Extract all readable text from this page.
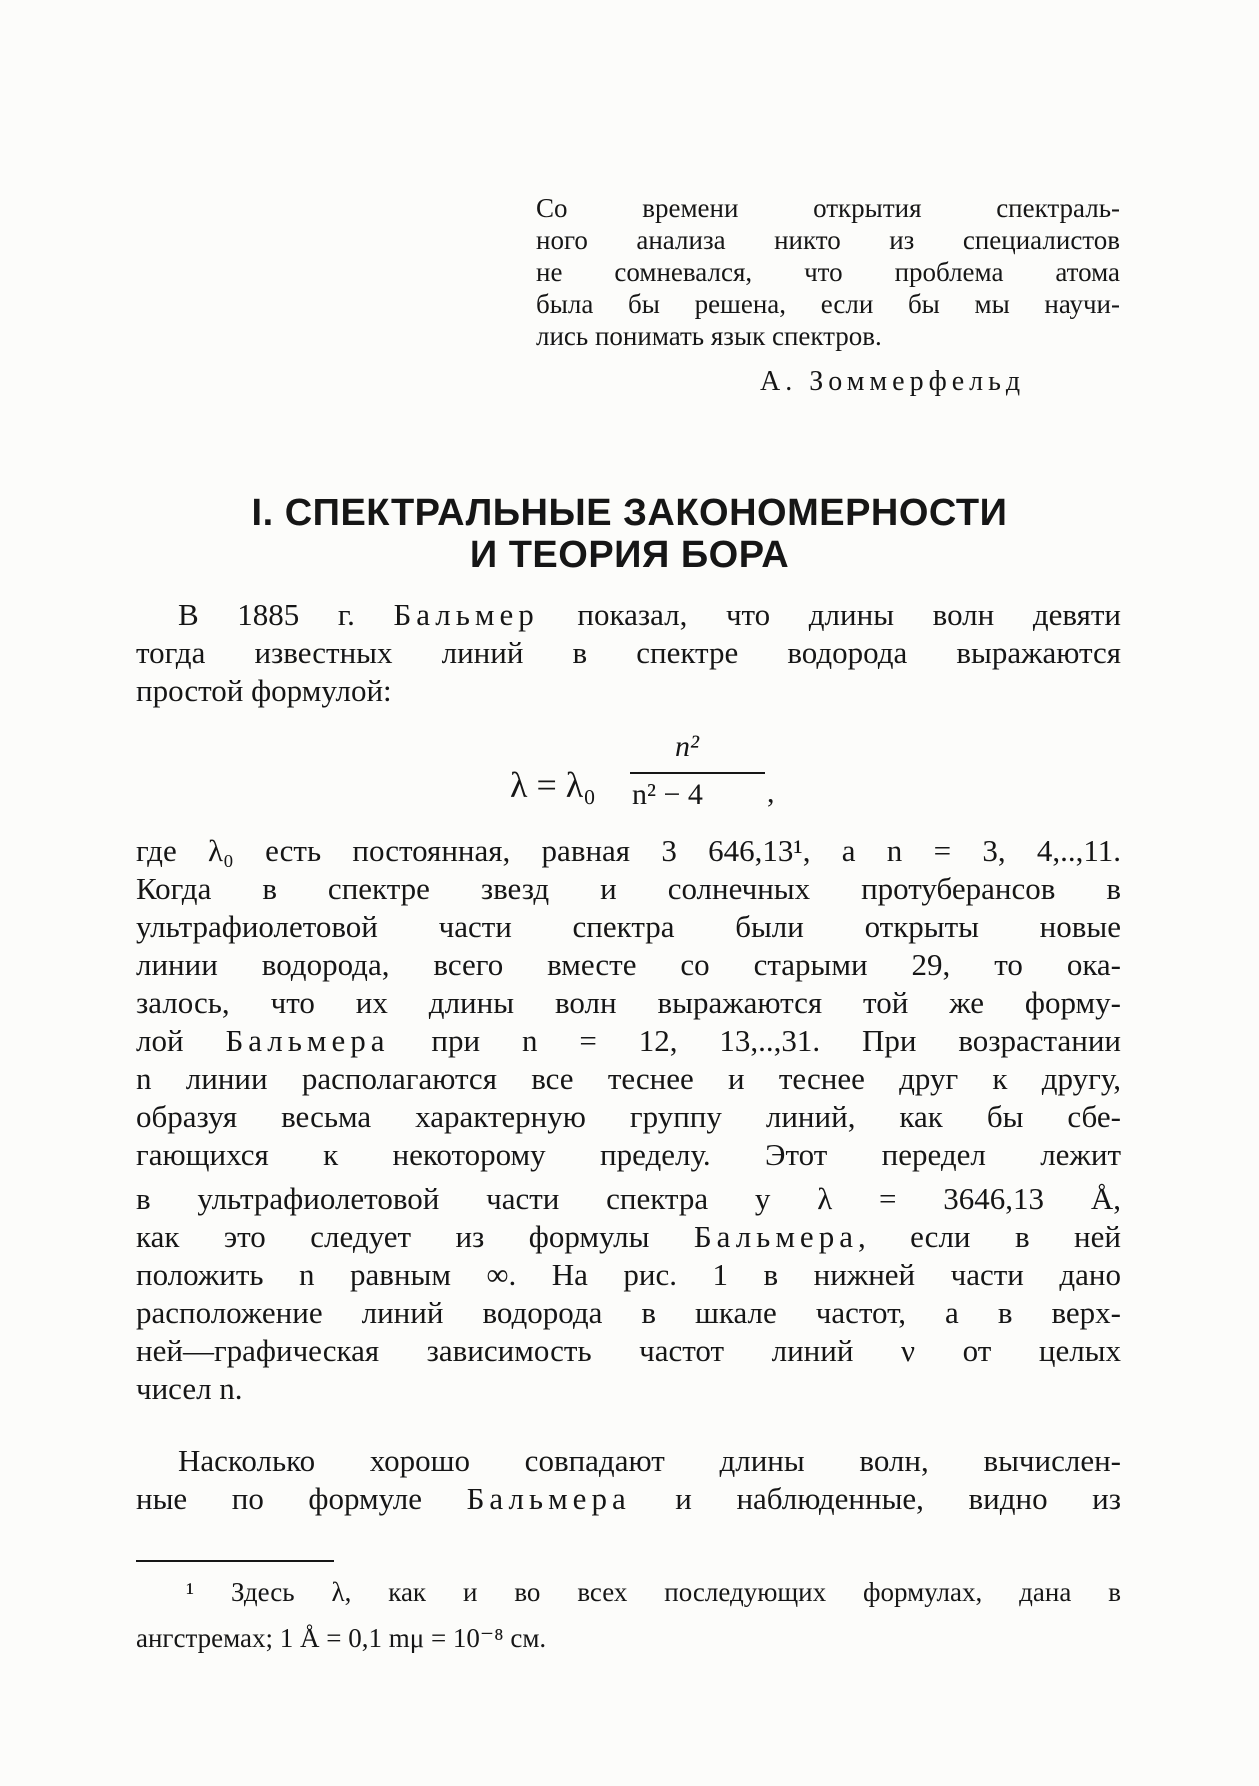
Со времени открытия спектраль-
ного анализа никто из специалистов
не сомневался, что проблема атома
была бы решена, если бы мы научи-
лись понимать язык спектров.
А. Зоммерфельд
I. СПЕКТРАЛЬНЫЕ ЗАКОНОМЕРНОСТИ
И ТЕОРИЯ БОРА
В 1885 г. Бальмер показал, что длины волн девяти
тогда известных линий в спектре водорода выражаются
простой формулой:
λ = λ₀
n²
n² − 4 ,
где λ₀ есть постоянная, равная 3 646,13¹, а n = 3, 4,..,11.
Когда в спектре звезд и солнечных протуберансов в
ультрафиолетовой части спектра были открыты новые
линии водорода, всего вместе со старыми 29, то ока-
залось, что их длины волн выражаются той же форму-
лой Бальмера при n = 12, 13,..,31. При возрастании
n линии располагаются все теснее и теснее друг к другу,
образуя весьма характерную группу линий, как бы сбе-
гающихся к некоторому пределу. Этот передел лежит
в ультрафиолетовой части спектра у λ = 3646,13 Å,
как это следует из формулы Бальмера, если в ней
положить n равным ∞. На рис. 1 в нижней части дано
расположение линий водорода в шкале частот, а в верх-
ней—графическая зависимость частот линий ν от целых
чисел n.
Насколько хорошо совпадают длины волн, вычислен-
ные по формуле Бальмера и наблюденные, видно из
¹ Здесь λ, как и во всех последующих формулах, дана в
ангстремах; 1 Å = 0,1 mμ = 10⁻⁸ см.
